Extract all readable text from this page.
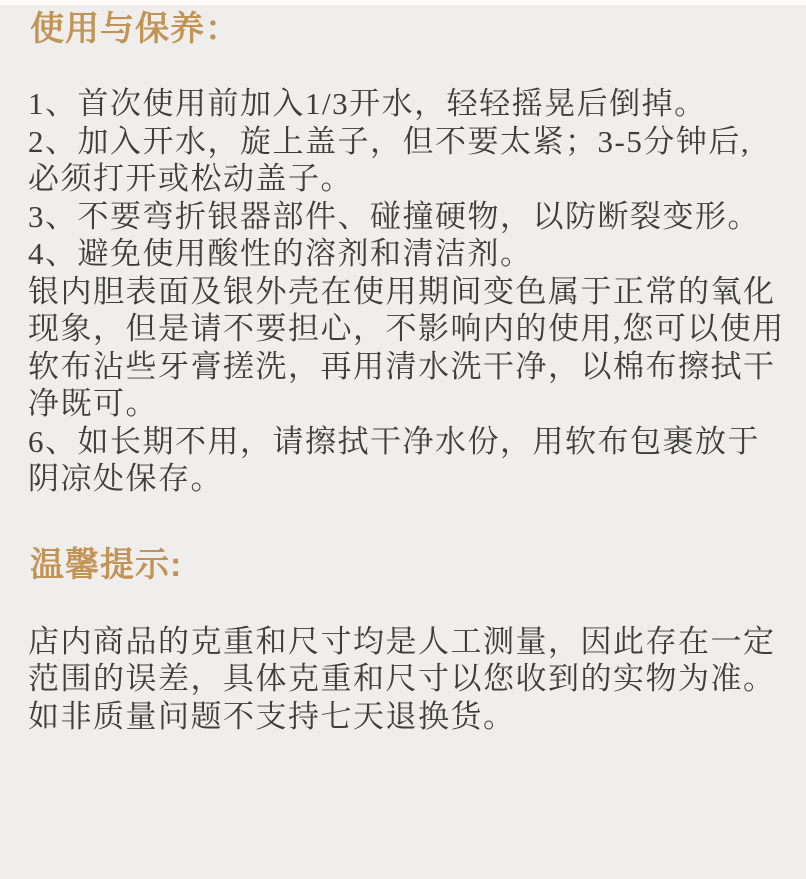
使用与保养：
1、首次使用前加入1/3开水，轻轻摇晃后倒掉。
2、加入开水，旋上盖子，但不要太紧；3-5分钟后,
必须打开或松动盖子。
3、不要弯折银器部件、碰撞硬物，以防断裂变形。
4、避免使用酸性的溶剂和清洁剂。
银内胆表面及银外壳在使用期间变色属于正常的氧化
现象，但是请不要担心，不影响内的使用,您可以使用
软布沾些牙膏搓洗，再用清水洗干净，以棉布擦拭干
净既可。
6、如长期不用，请擦拭干净水份，用软布包裹放于
阴凉处保存。
温馨提示:
店内商品的克重和尺寸均是人工测量，因此存在一定
范围的误差，具体克重和尺寸以您收到的实物为准。
如非质量问题不支持七天退换货。
